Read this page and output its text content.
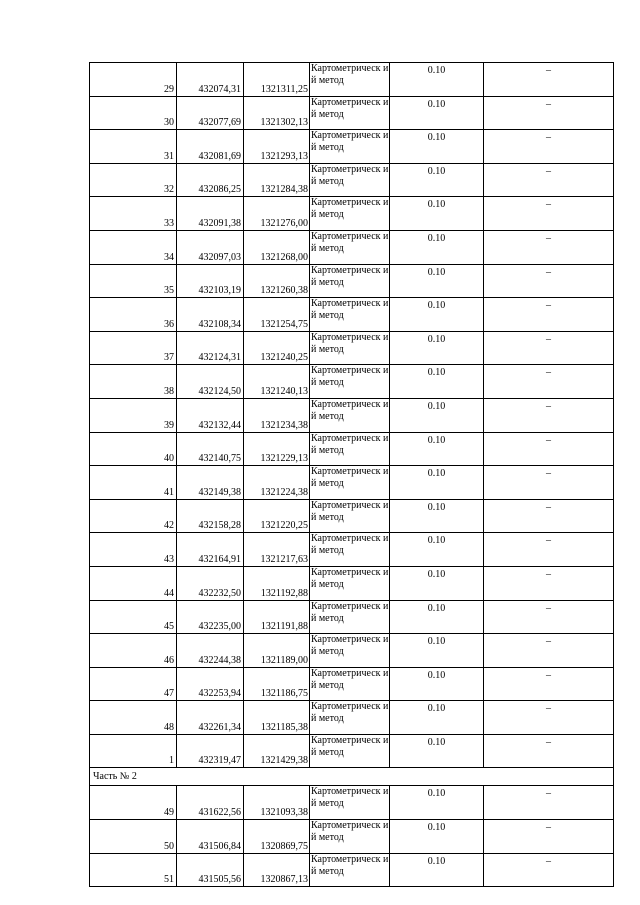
29	432074,31	1321311,25	Картометрическ ий метод	0.10	–
30	432077,69	1321302,13	Картометрическ ий метод	0.10	–
31	432081,69	1321293,13	Картометрическ ий метод	0.10	–
32	432086,25	1321284,38	Картометрическ ий метод	0.10	–
33	432091,38	1321276,00	Картометрическ ий метод	0.10	–
34	432097,03	1321268,00	Картометрическ ий метод	0.10	–
35	432103,19	1321260,38	Картометрическ ий метод	0.10	–
36	432108,34	1321254,75	Картометрическ ий метод	0.10	–
37	432124,31	1321240,25	Картометрическ ий метод	0.10	–
38	432124,50	1321240,13	Картометрическ ий метод	0.10	–
39	432132,44	1321234,38	Картометрическ ий метод	0.10	–
40	432140,75	1321229,13	Картометрическ ий метод	0.10	–
41	432149,38	1321224,38	Картометрическ ий метод	0.10	–
42	432158,28	1321220,25	Картометрическ ий метод	0.10	–
43	432164,91	1321217,63	Картометрическ ий метод	0.10	–
44	432232,50	1321192,88	Картометрическ ий метод	0.10	–
45	432235,00	1321191,88	Картометрическ ий метод	0.10	–
46	432244,38	1321189,00	Картометрическ ий метод	0.10	–
47	432253,94	1321186,75	Картометрическ ий метод	0.10	–
48	432261,34	1321185,38	Картометрическ ий метод	0.10	–
1	432319,47	1321429,38	Картометрическ ий метод	0.10	–
Часть № 2					
49	431622,56	1321093,38	Картометрическ ий метод	0.10	–
50	431506,84	1320869,75	Картометрическ ий метод	0.10	–
51	431505,56	1320867,13	Картометрическ ий метод	0.10	–
